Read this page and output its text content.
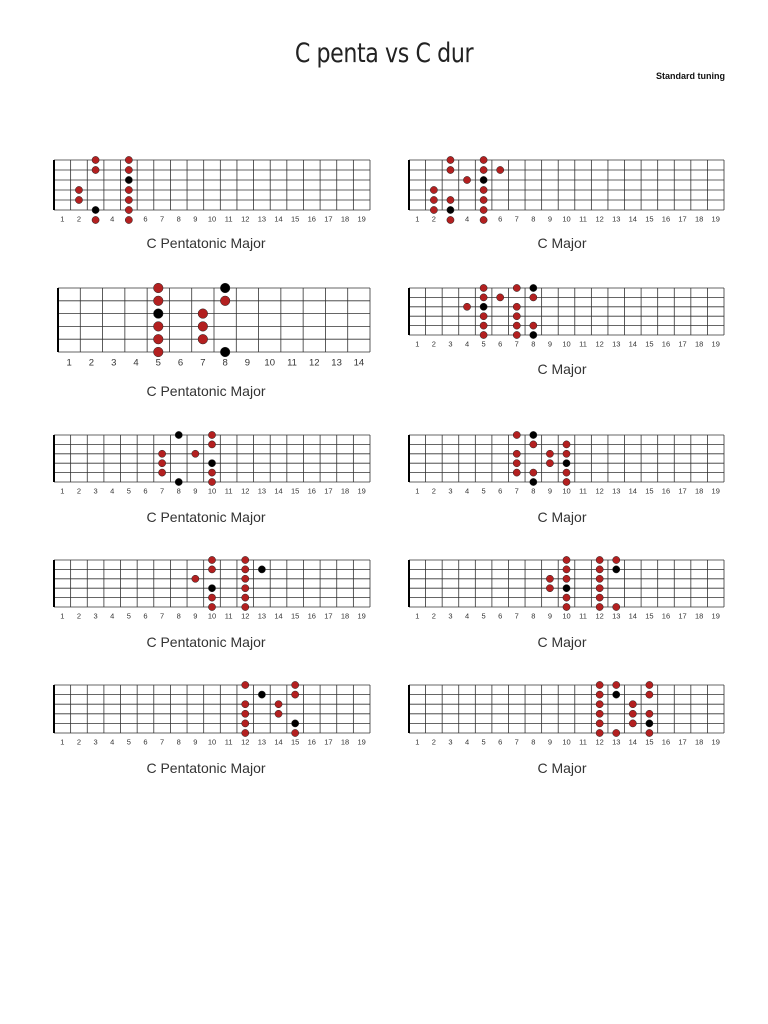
C penta vs C dur
Standard tuning
1 2	4	6 7 8 9 10 11 12 13 14 15 16 17 18 19
C Pentatonic Major
1 2	4	6 7 8 9 10 11 12 13 14 15 16 17 18 19
C Major
1 2 3 4 5 6 7 8 9 10 11 12 13 14
C Pentatonic Major
1 2 3 4 5 6 7 8 9 10 11 12 13 14 15 16 17 18 19
C Major
1 2 3 4 5 6 7 8 9 10 11 12 13 14 15 16 17 18 19
C Pentatonic Major
1 2 3 4 5 6 7 8 9 10 11 12 13 14 15 16 17 18 19
C Major
1 2 3 4 5 6 7 8 9 10 11 12 13 14 15 16 17 18 19
C Pentatonic Major
1 2 3 4 5 6 7 8 9 10 11 12 13 14 15 16 17 18 19
C Major
1 2 3 4 5 6 7 8 9 10 11 12 13 14 15 16 17 18 19
C Pentatonic Major
1 2 3 4 5 6 7 8 9 10 11 12 13 14 15 16 17 18 19
C Major
